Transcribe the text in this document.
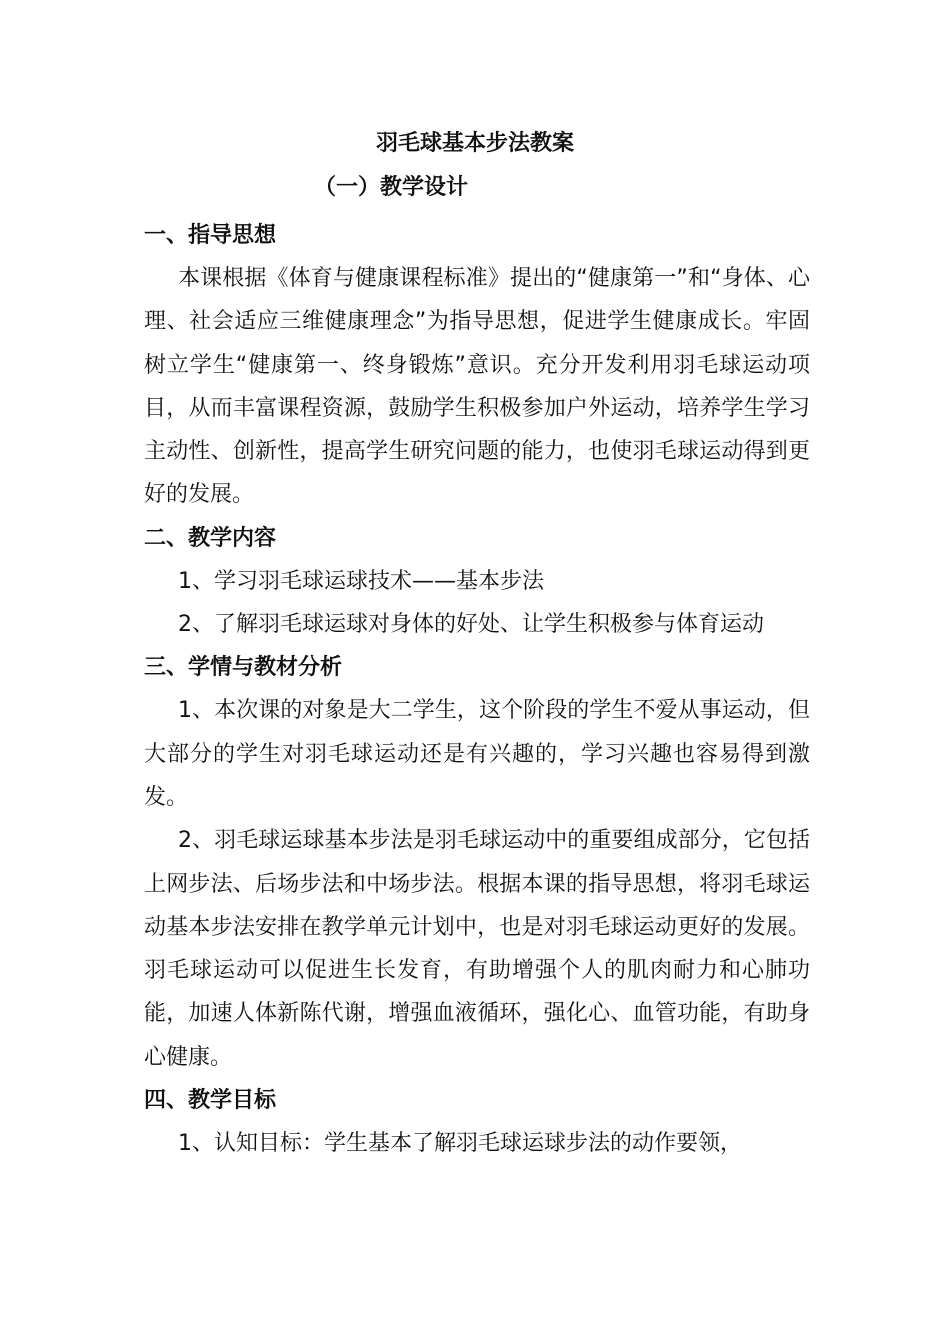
羽毛球基本步法教案
（一）教学设计
一、指导思想

本课根据《体育与健康课程标准》提出的“健康第一”和“身体、心理、社会适应三维健康理念”为指导思想，促进学生健康成长。牢固树立学生“健康第一、终身锻炼”意识。充分开发利用羽毛球运动项目，从而丰富课程资源，鼓励学生积极参加户外运动，培养学生学习主动性、创新性，提高学生研究问题的能力，也使羽毛球运动得到更好的发展。

二、教学内容

1、学习羽毛球运球技术——基本步法

2、了解羽毛球运球对身体的好处、让学生积极参与体育运动

三、学情与教材分析

1、本次课的对象是大二学生，这个阶段的学生不爱从事运动，但大部分的学生对羽毛球运动还是有兴趣的，学习兴趣也容易得到激发。

2、羽毛球运球基本步法是羽毛球运动中的重要组成部分，它包括上网步法、后场步法和中场步法。根据本课的指导思想，将羽毛球运动基本步法安排在教学单元计划中，也是对羽毛球运动更好的发展。羽毛球运动可以促进生长发育，有助增强个人的肌肉耐力和心肺功能，加速人体新陈代谢，增强血液循环，强化心、血管功能，有助身心健康。

四、教学目标

1、认知目标：学生基本了解羽毛球运球步法的动作要领，
